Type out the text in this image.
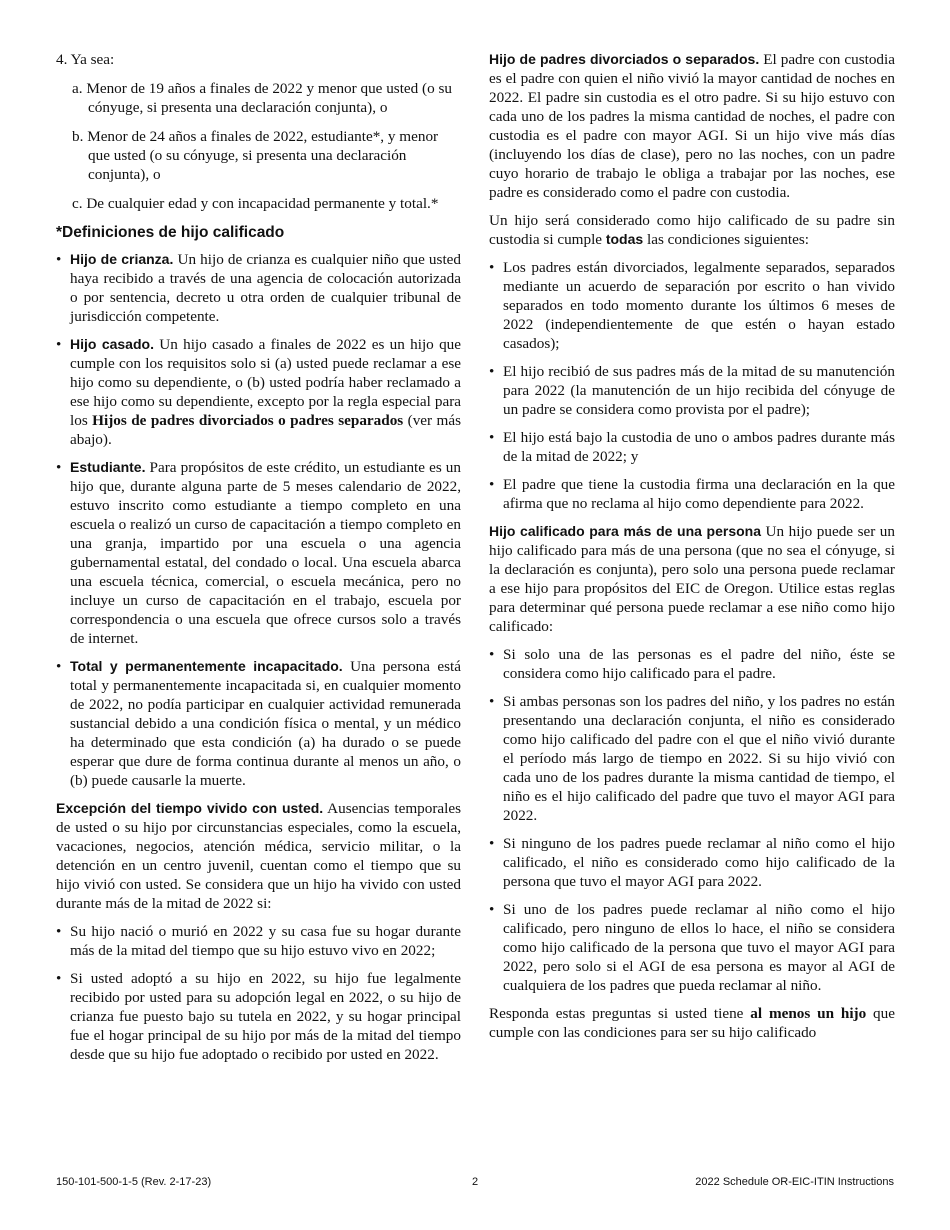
4. Ya sea:

a. Menor de 19 años a finales de 2022 y menor que usted (o su cónyuge, si presenta una declaración conjunta), o

b. Menor de 24 años a finales de 2022, estudiante*, y menor que usted (o su cónyuge, si presenta una declaración conjunta), o

c. De cualquier edad y con incapacidad permanente y total.*

*Definiciones de hijo calificado
• Hijo de crianza. Un hijo de crianza es cualquier niño que usted haya recibido a través de una agencia de colocación autorizada o por sentencia, decreto u otra orden de cualquier tribunal de jurisdicción competente.
• Hijo casado. Un hijo casado a finales de 2022 es un hijo que cumple con los requisitos solo si (a) usted puede reclamar a ese hijo como su dependiente, o (b) usted podría haber reclamado a ese hijo como su dependiente, excepto por la regla especial para los Hijos de padres divorciados o padres separados (ver más abajo).
• Estudiante. Para propósitos de este crédito, un estudiante es un hijo que, durante alguna parte de 5 meses calendario de 2022, estuvo inscrito como estudiante a tiempo completo en una escuela o realizó un curso de capacitación a tiempo completo en una granja, impartido por una escuela o una agencia gubernamental estatal, del condado o local. Una escuela abarca una escuela técnica, comercial, o escuela mecánica, pero no incluye un curso de capacitación en el trabajo, escuela por correspondencia o una escuela que ofrece cursos solo a través de internet.
• Total y permanentemente incapacitado. Una persona está total y permanentemente incapacitada si, en cualquier momento de 2022, no podía participar en cualquier actividad remunerada sustancial debido a una condición física o mental, y un médico ha determinado que esta condición (a) ha durado o se puede esperar que dure de forma continua durante al menos un año, o (b) puede causarle la muerte.

Excepción del tiempo vivido con usted. Ausencias temporales de usted o su hijo por circunstancias especiales, como la escuela, vacaciones, negocios, atención médica, servicio militar, o la detención en un centro juvenil, cuentan como el tiempo que su hijo vivió con usted. Se considera que un hijo ha vivido con usted durante más de la mitad de 2022 si:

• Su hijo nació o murió en 2022 y su casa fue su hogar durante más de la mitad del tiempo que su hijo estuvo vivo en 2022;
• Si usted adoptó a su hijo en 2022, su hijo fue legalmente recibido por usted para su adopción legal en 2022, o su hijo de crianza fue puesto bajo su tutela en 2022, y su hogar principal fue el hogar principal de su hijo por más de la mitad del tiempo desde que su hijo fue adoptado o recibido por usted en 2022.

Hijo de padres divorciados o separados. El padre con custodia es el padre con quien el niño vivió la mayor cantidad de noches en 2022. El padre sin custodia es el otro padre. Si su hijo estuvo con cada uno de los padres la misma cantidad de noches, el padre con custodia es el padre con mayor AGI. Si un hijo vive más días (incluyendo los días de clase), pero no las noches, con un padre cuyo horario de trabajo le obliga a trabajar por las noches, ese padre es considerado como el padre con custodia.

Un hijo será considerado como hijo calificado de su padre sin custodia si cumple todas las condiciones siguientes:

• Los padres están divorciados, legalmente separados, separados mediante un acuerdo de separación por escrito o han vivido separados en todo momento durante los últimos 6 meses de 2022 (independientemente de que estén o hayan estado casados);
• El hijo recibió de sus padres más de la mitad de su manutención para 2022 (la manutención de un hijo recibida del cónyuge de un padre se considera como provista por el padre);
• El hijo está bajo la custodia de uno o ambos padres durante más de la mitad de 2022; y
• El padre que tiene la custodia firma una declaración en la que afirma que no reclama al hijo como dependiente para 2022.

Hijo calificado para más de una persona Un hijo puede ser un hijo calificado para más de una persona (que no sea el cónyuge, si la declaración es conjunta), pero solo una persona puede reclamar a ese hijo para propósitos del EIC de Oregon. Utilice estas reglas para determinar qué persona puede reclamar a ese niño como hijo calificado:

• Si solo una de las personas es el padre del niño, éste se considera como hijo calificado para el padre.
• Si ambas personas son los padres del niño, y los padres no están presentando una declaración conjunta, el niño es considerado como hijo calificado del padre con el que el niño vivió durante el período más largo de tiempo en 2022. Si su hijo vivió con cada uno de los padres durante la misma cantidad de tiempo, el niño es el hijo calificado del padre que tuvo el mayor AGI para 2022.
• Si ninguno de los padres puede reclamar al niño como el hijo calificado, el niño es considerado como hijo calificado de la persona que tuvo el mayor AGI para 2022.
• Si uno de los padres puede reclamar al niño como el hijo calificado, pero ninguno de ellos lo hace, el niño se considera como hijo calificado de la persona que tuvo el mayor AGI para 2022, pero solo si el AGI de esa persona es mayor al AGI de cualquiera de los padres que pueda reclamar al niño.

Responda estas preguntas si usted tiene al menos un hijo que cumple con las condiciones para ser su hijo calificado

150-101-500-1-5 (Rev. 2-17-23)	2	2022 Schedule OR-EIC-ITIN Instructions
